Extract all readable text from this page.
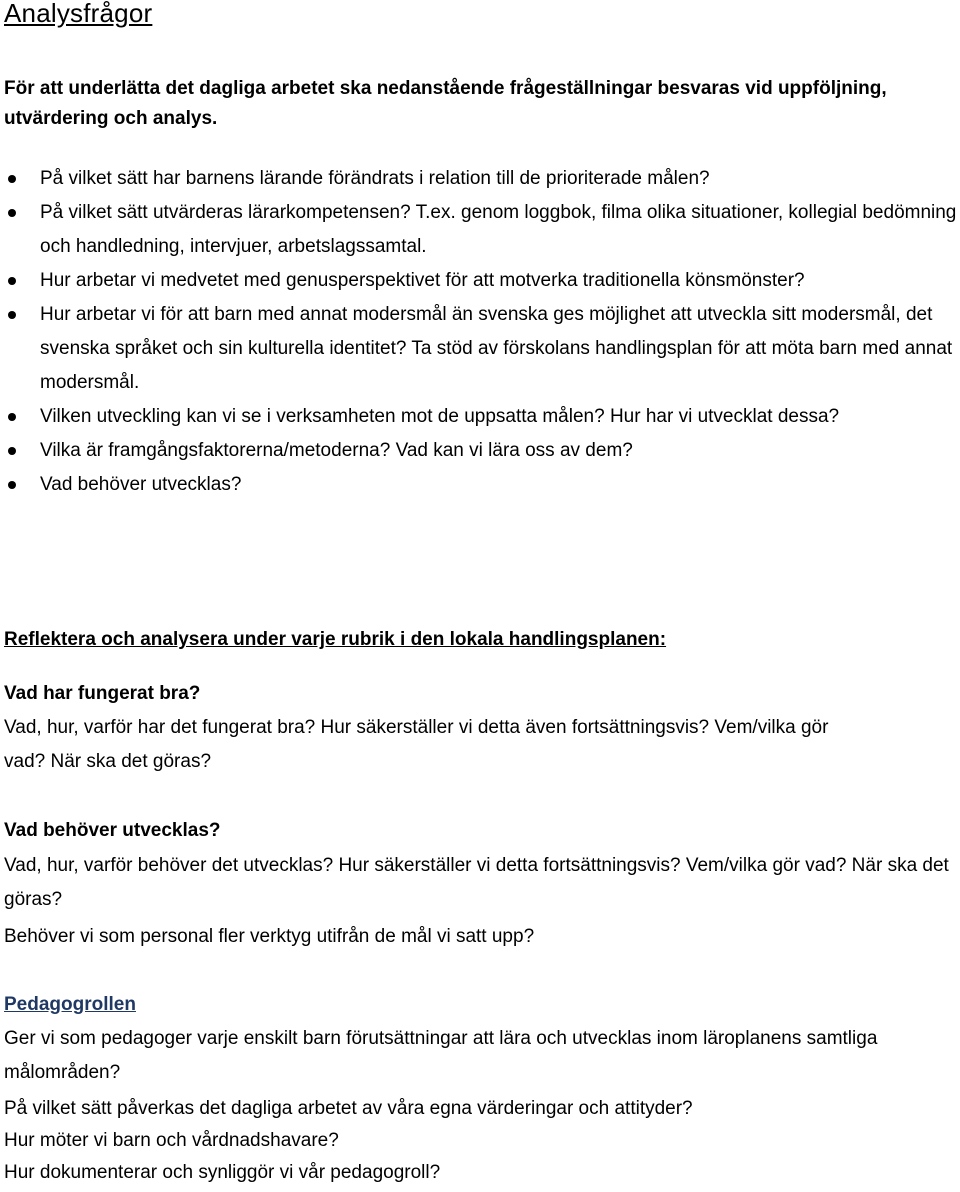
Analysfrågor

För att underlätta det dagliga arbetet ska nedanstående frågeställningar besvaras vid uppföljning, utvärdering och analys.

På vilket sätt har barnens lärande förändrats i relation till de prioriterade målen?
På vilket sätt utvärderas lärarkompetensen? T.ex. genom loggbok, filma olika situationer, kollegial bedömning och handledning, intervjuer, arbetslagssamtal.
Hur arbetar vi medvetet med genusperspektivet för att motverka traditionella könsmönster?
Hur arbetar vi för att barn med annat modersmål än svenska ges möjlighet att utveckla sitt modersmål, det svenska språket och sin kulturella identitet? Ta stöd av förskolans handlingsplan för att möta barn med annat modersmål.
Vilken utveckling kan vi se i verksamheten mot de uppsatta målen? Hur har vi utvecklat dessa?
Vilka är framgångsfaktorerna/metoderna? Vad kan vi lära oss av dem?
Vad behöver utvecklas?

Reflektera och analysera under varje rubrik i den lokala handlingsplanen:

Vad har fungerat bra?

Vad, hur, varför har det fungerat bra? Hur säkerställer vi detta även fortsättningsvis? Vem/vilka gör vad? När ska det göras?

Vad behöver utvecklas?

Vad, hur, varför behöver det utvecklas? Hur säkerställer vi detta fortsättningsvis? Vem/vilka gör vad? När ska det göras?

Behöver vi som personal fler verktyg utifrån de mål vi satt upp?

Pedagogrollen

Ger vi som pedagoger varje enskilt barn förutsättningar att lära och utvecklas inom läroplanens samtliga målområden?

På vilket sätt påverkas det dagliga arbetet av våra egna värderingar och attityder?

Hur möter vi barn och vårdnadshavare?

Hur dokumenterar och synliggör vi vår pedagogroll?
